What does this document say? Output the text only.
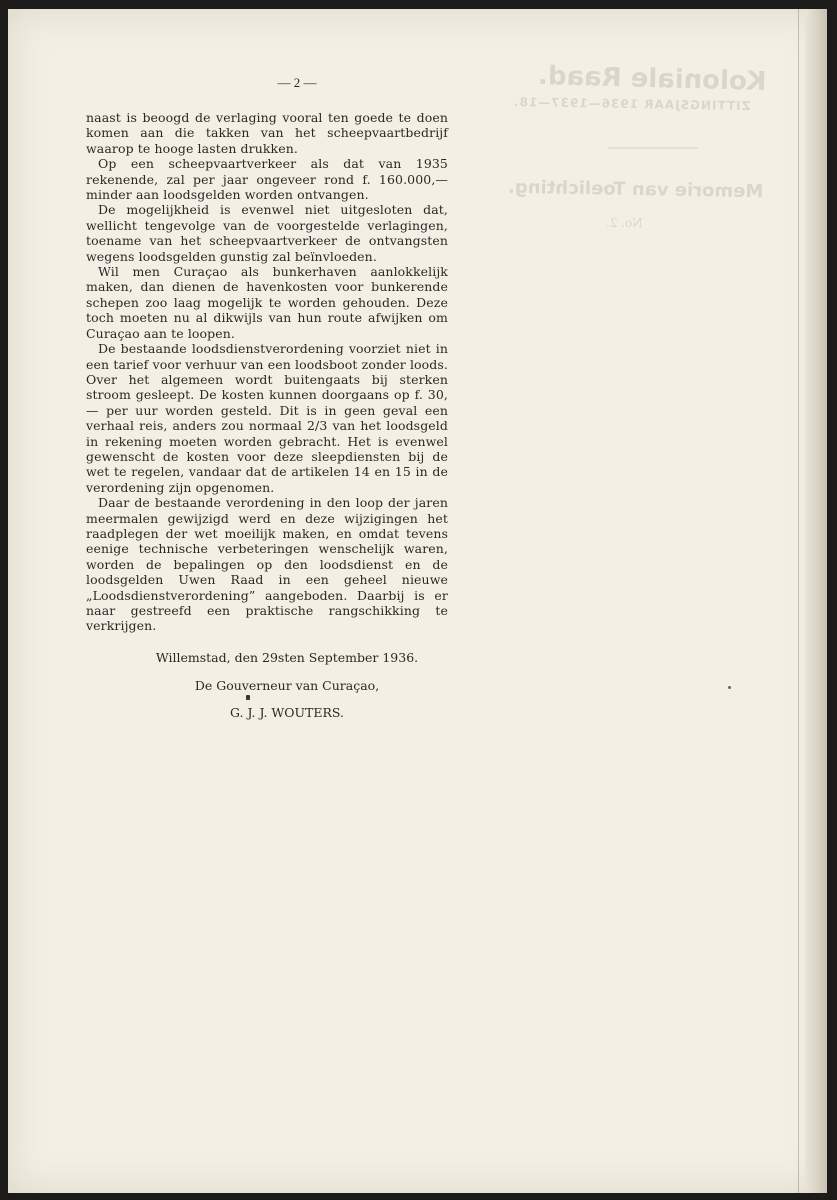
Koloniale Raad.
ZITTINGSJAAR 1936—1937—18.
Memorie van Toelichting.
No. 2.
— 2 —

naast is beoogd de verlaging vooral ten goede te doen komen aan die takken van het scheepvaartbedrijf waarop te hooge lasten drukken.

Op een scheepvaartverkeer als dat van 1935 rekenende, zal per jaar ongeveer rond f. 160.000,— minder aan loodsgelden worden ontvangen.

De mogelijkheid is evenwel niet uitgesloten dat, wellicht tengevolge van de voorgestelde verlagingen, toename van het scheepvaartverkeer de ontvangsten wegens loodsgelden gunstig zal beïnvloeden.

Wil men Curaçao als bunkerhaven aanlokkelijk maken, dan dienen de havenkosten voor bunkerende schepen zoo laag mogelijk te worden gehouden. Deze toch moeten nu al dikwijls van hun route afwijken om Curaçao aan te loopen.

De bestaande loodsdienstverordening voorziet niet in een tarief voor verhuur van een loodsboot zonder loods. Over het algemeen wordt buitengaats bij sterken stroom gesleept. De kosten kunnen doorgaans op f. 30,— per uur worden gesteld. Dit is in geen geval een verhaal reis, anders zou normaal 2/3 van het loodsgeld in rekening moeten worden gebracht. Het is evenwel gewenscht de kosten voor deze sleepdiensten bij de wet te regelen, vandaar dat de artikelen 14 en 15 in de verordening zijn opgenomen.

Daar de bestaande verordening in den loop der jaren meermalen gewijzigd werd en deze wijzigingen het raadplegen der wet moeilijk maken, en omdat tevens eenige technische verbeteringen wenschelijk waren, worden de bepalingen op den loodsdienst en de loodsgelden Uwen Raad in een geheel nieuwe „Loodsdienstverordening” aangeboden. Daarbij is er naar gestreefd een praktische rangschikking te verkrijgen.

Willemstad, den 29sten September 1936.
De Gouverneur van Curaçao,
G. J. J. WOUTERS.
